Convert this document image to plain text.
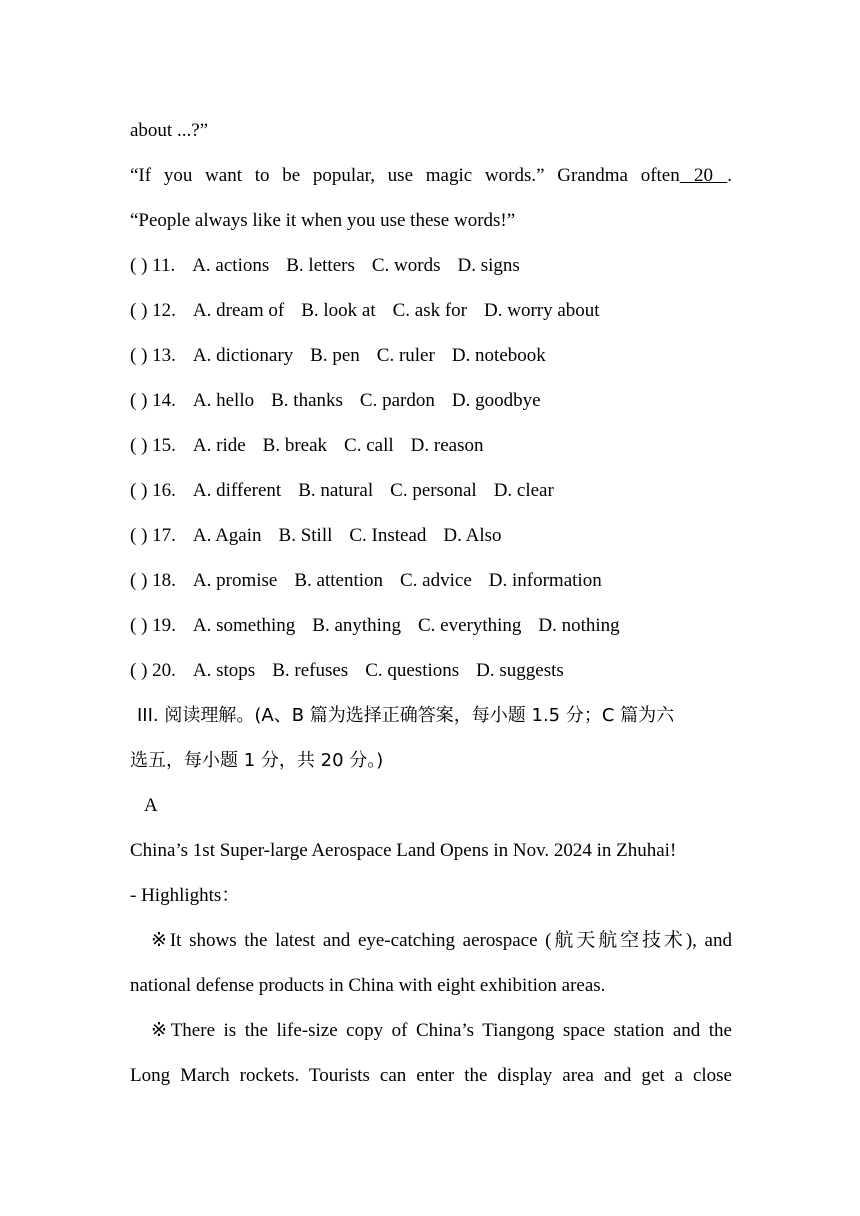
about ...?”
“If you want to be popular, use magic words.” Grandma often   20   .
“People always like it when you use these words!”
( ) 11. A. actions B. letters C. words D. signs
( ) 12. A. dream of B. look at C. ask for D. worry about
( ) 13. A. dictionary B. pen C. ruler D. notebook
( ) 14. A. hello B. thanks C. pardon D. goodbye
( ) 15. A. ride B. break C. call D. reason
( ) 16. A. different B. natural C. personal D. clear
( ) 17. A. Again B. Still C. Instead D. Also
( ) 18. A. promise B. attention C. advice D. information
( ) 19. A. something B. anything C. everything D. nothing
( ) 20. A. stops B. refuses C. questions D. suggests
III. 阅读理解。(A、B 篇为选择正确答案，每小题 1.5 分；C 篇为六
选五，每小题 1 分，共 20 分。)
A
China’s 1st Super-large Aerospace Land Opens in Nov. 2024 in Zhuhai!
- Highlights：
※It shows the latest and eye-catching aerospace (航天航空技术), and
national defense products in China with eight exhibition areas.
※There is the life-size copy of China’s Tiangong space station and the
Long March rockets. Tourists can enter the display area and get a close
